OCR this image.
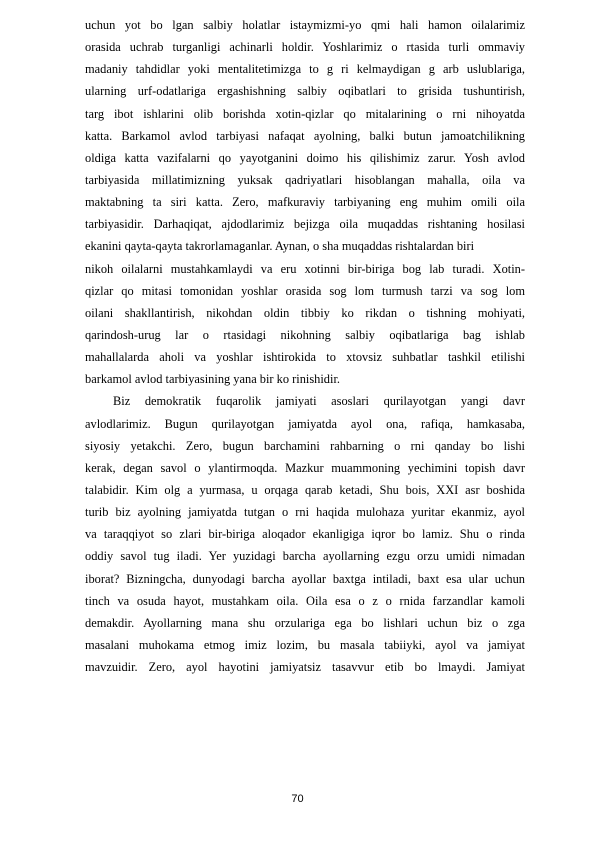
uchun yot bo lgan salbiy holatlar istaymizmi-yo qmi hali hamon oilalarimiz
orasida uchrab turganligi achinarli holdir. Yoshlarimiz o rtasida turli ommaviy
madaniy tahdidlar yoki mentalitetimizga to g ri kelmaydigan g arb uslublariga,
ularning urf-odatlariga ergashishning salbiy oqibatlari to grisida tushuntirish,
targ ibot ishlarini olib borishda xotin-qizlar qo mitalarining o rni nihoyatda
katta. Barkamol avlod tarbiyasi nafaqat ayolning, balki butun jamoatchilikning
oldiga katta vazifalarni qo yayotganini doimo his qilishimiz zarur. Yosh avlod
tarbiyasida millatimizning yuksak qadriyatlari hisoblangan mahalla, oila va
maktabning ta siri katta. Zero, mafkuraviy tarbiyaning eng muhim omili oila
tarbiyasidir. Darhaqiqat, ajdodlarimiz bejizga oila muqaddas rishtaning hosilasi
ekanini qayta-qayta takrorlamaganlar. Aynan, o sha muqaddas rishtalardan biri
nikoh oilalarni mustahkamlaydi va eru xotinni bir-biriga bog lab turadi. Xotin-
qizlar qo mitasi tomonidan yoshlar orasida sog lom turmush tarzi va sog lom
oilani shakllantirish, nikohdan oldin tibbiy ko rikdan o tishning mohiyati,
qarindosh-urug lar o rtasidagi nikohning salbiy oqibatlariga bag ishlab
mahallalarda aholi va yoshlar ishtirokida to xtovsiz suhbatlar tashkil etilishi
barkamol avlod tarbiyasining yana bir ko rinishidir.
Biz demokratik fuqarolik jamiyati asoslari qurilayotgan yangi davr
avlodlarimiz. Bugun qurilayotgan jamiyatda ayol ona, rafiqa, hamkasaba,
siyosiy yetakchi. Zero, bugun barchamini rahbarning o rni qanday bo lishi
kerak, degan savol o ylantirmoqda. Mazkur muammoning yechimini topish davr
talabidir. Kim olg a yurmasa, u orqaga qarab ketadi, Shu bois, XXI asr boshida
turib biz ayolning jamiyatda tutgan o rni haqida mulohaza yuritar ekanmiz, ayol
va taraqqiyot so zlari bir-biriga aloqador ekanligiga iqror bo lamiz. Shu o rinda
oddiy savol tug iladi. Yer yuzidagi barcha ayollarning ezgu orzu umidi nimadan
iborat? Bizningcha, dunyodagi barcha ayollar baxtga intiladi, baxt esa ular uchun
tinch va osuda hayot, mustahkam oila. Oila esa o z o rnida farzandlar kamoli
demakdir. Ayollarning mana shu orzulariga ega bo lishlari uchun biz o zga
masalani muhokama etmog imiz lozim, bu masala tabiiyki, ayol va jamiyat
mavzuidir. Zero, ayol hayotini jamiyatsiz tasavvur etib bo lmaydi. Jamiyat
70
